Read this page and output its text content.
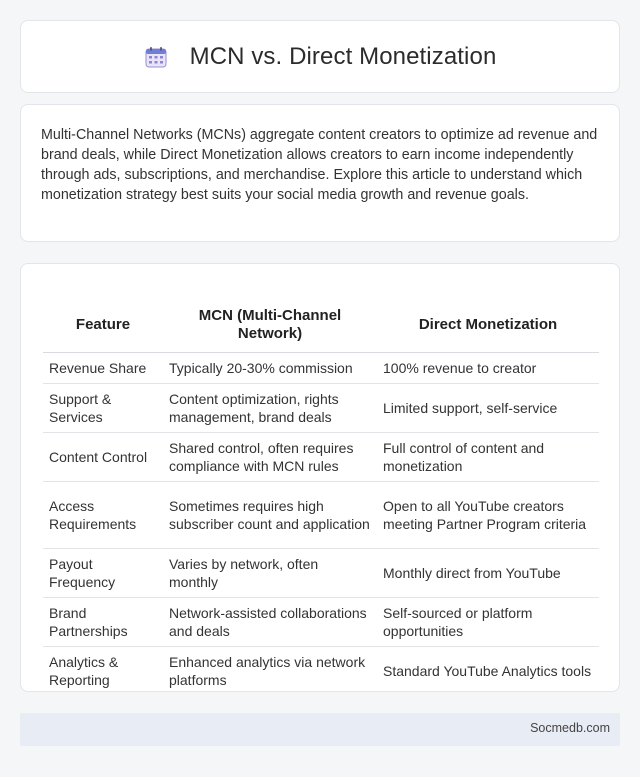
MCN vs. Direct Monetization

Multi-Channel Networks (MCNs) aggregate content creators to optimize ad revenue and brand deals, while Direct Monetization allows creators to earn income independently through ads, subscriptions, and merchandise. Explore this article to understand which monetization strategy best suits your social media growth and revenue goals.

Feature	MCN (Multi-Channel Network)	Direct Monetization
Revenue Share	Typically 20-30% commission	100% revenue to creator
Support & Services	Content optimization, rights management, brand deals	Limited support, self-service
Content Control	Shared control, often requires compliance with MCN rules	Full control of content and monetization
Access Requirements	Sometimes requires high subscriber count and application	Open to all YouTube creators meeting Partner Program criteria
Payout Frequency	Varies by network, often monthly	Monthly direct from YouTube
Brand Partnerships	Network-assisted collaborations and deals	Self-sourced or platform opportunities
Analytics & Reporting	Enhanced analytics via network platforms	Standard YouTube Analytics tools
Socmedb.com
